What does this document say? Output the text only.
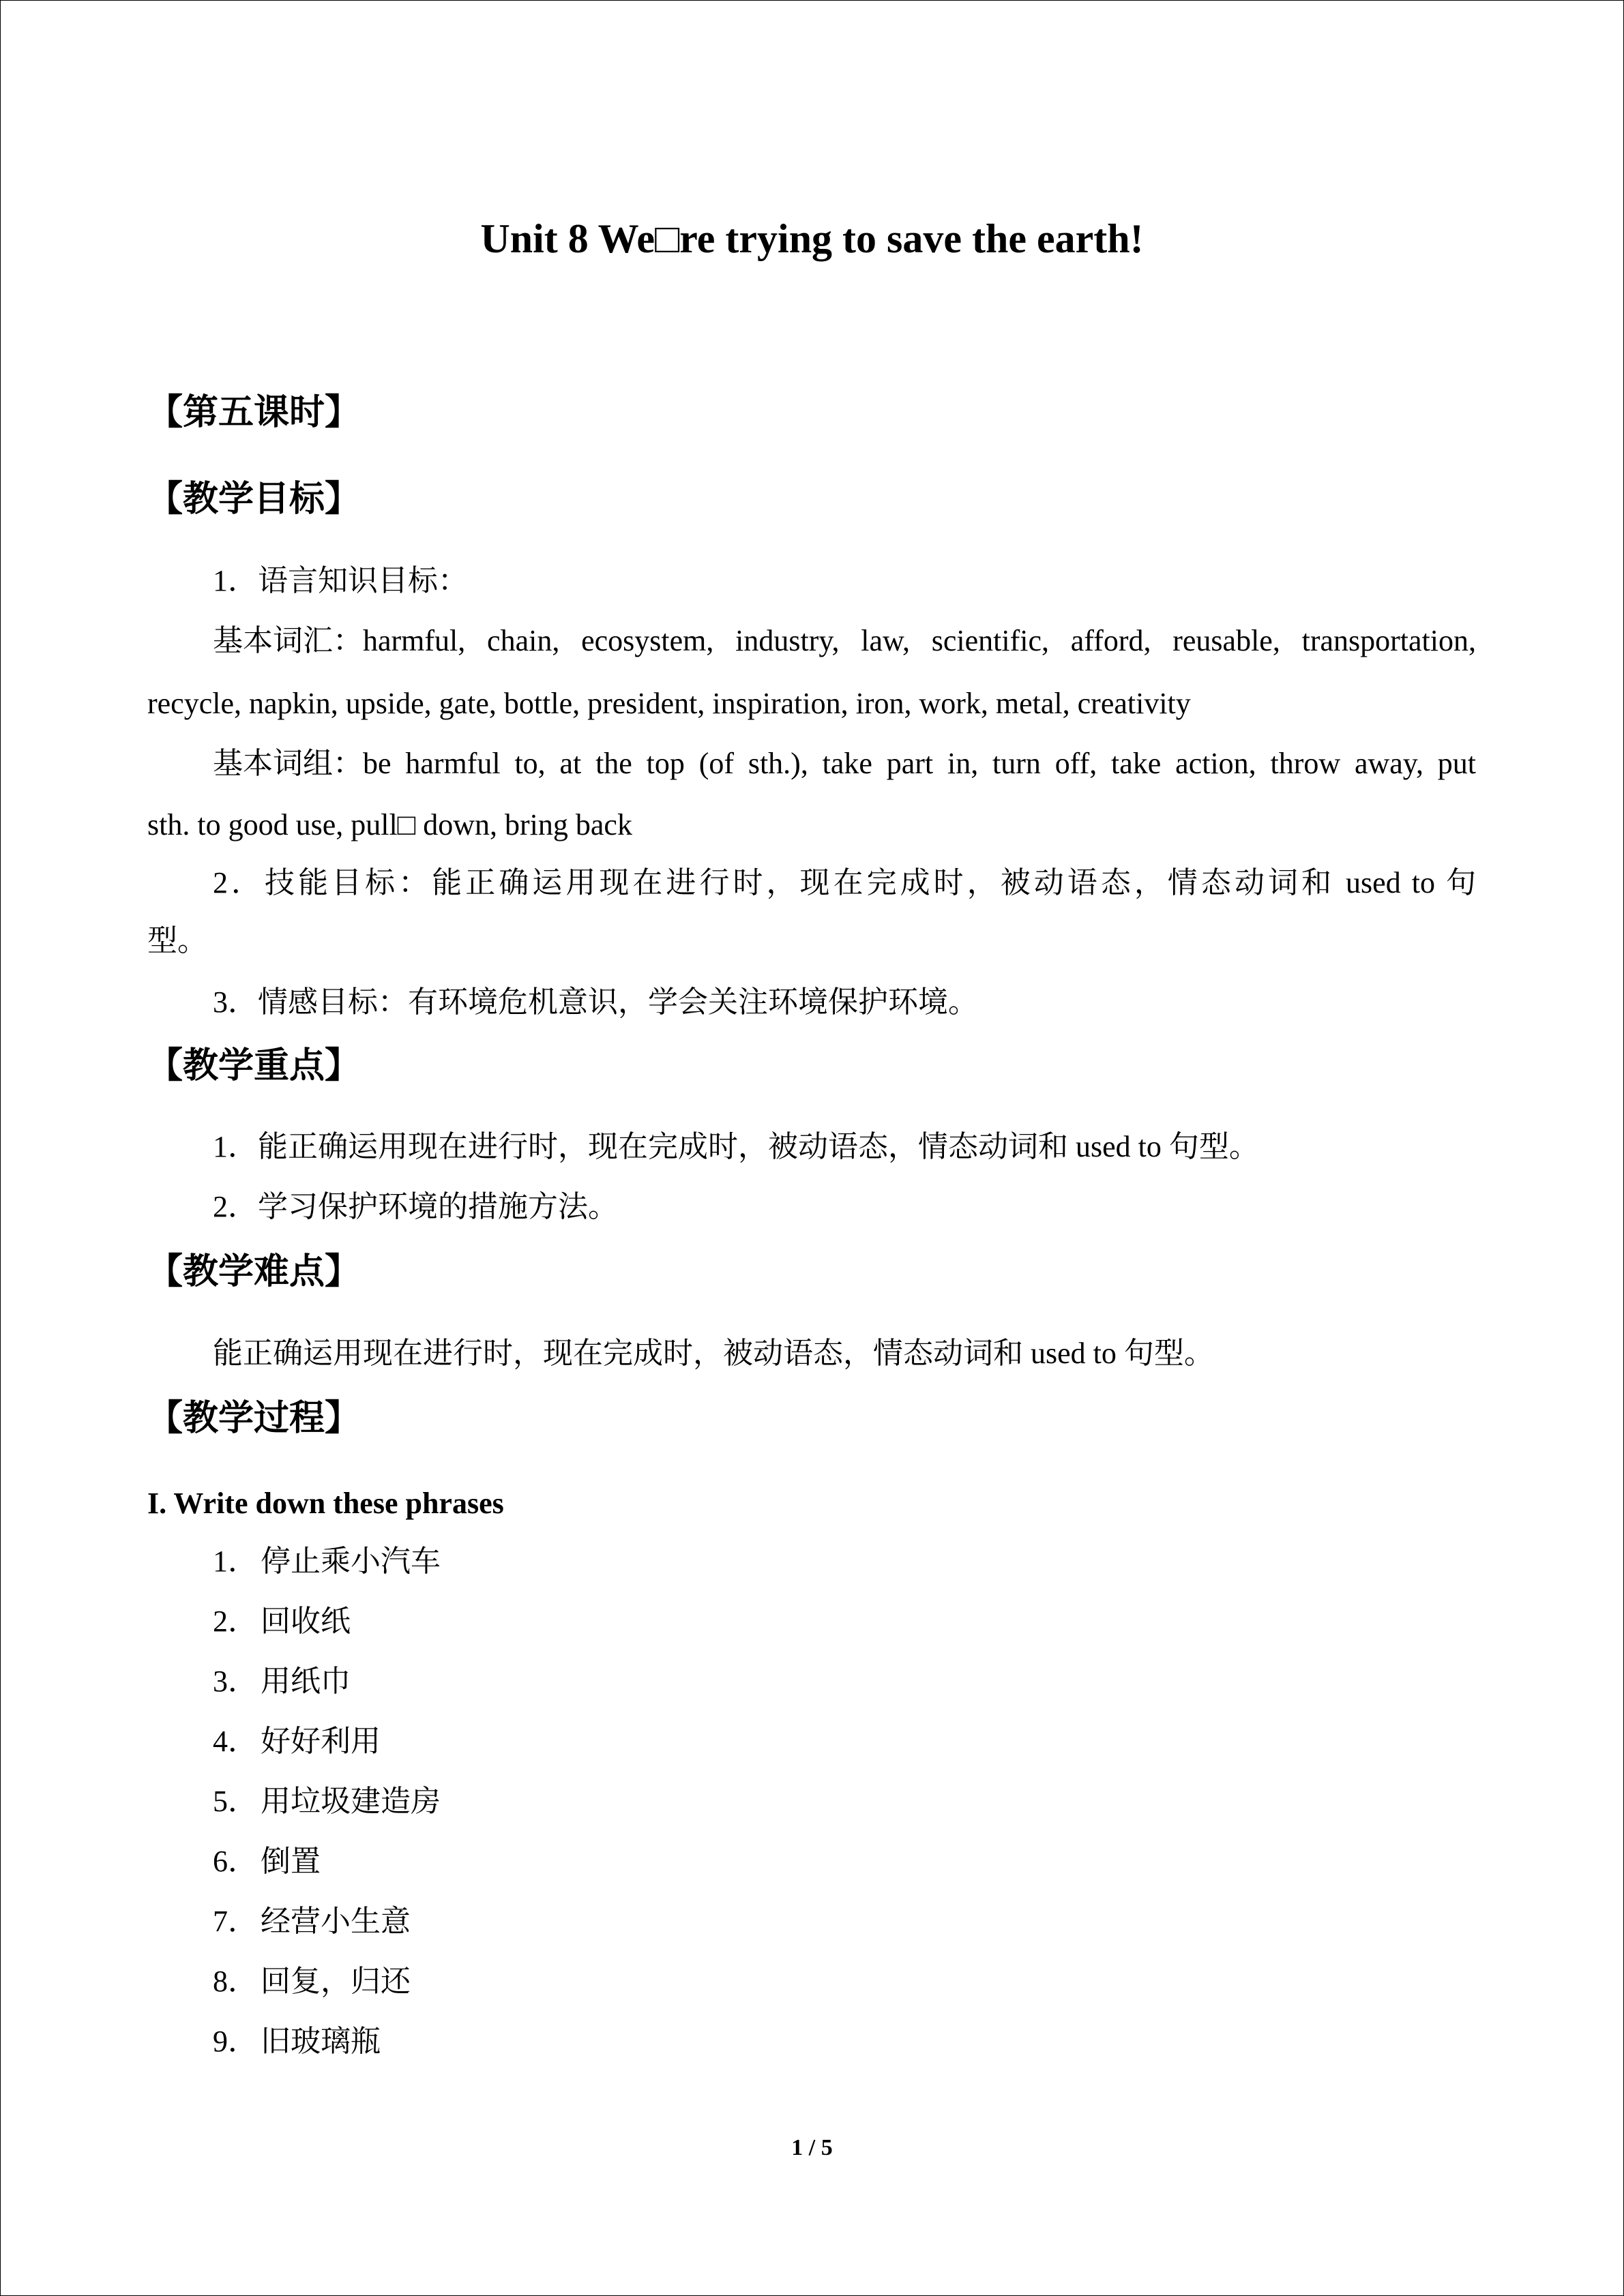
Unit 8 We□re trying to save the earth!
【第五课时】
【教学目标】
1．语言知识目标：
基本词汇： harmful, chain, ecosystem, industry, law, scientific, afford, reusable, transportation,
recycle, napkin, upside, gate, bottle, president, inspiration, iron, work, metal, creativity
基本词组： be harmful to, at the top (of sth.), take part in, turn off, take action, throw away, put
sth. to good use, pull□ down, bring back
2．技能目标：能正确运用现在进行时，现在完成时，被动语态，情态动词和 used to 句
型。
3．情感目标：有环境危机意识，学会关注环境保护环境。
【教学重点】
1．能正确运用现在进行时，现在完成时，被动语态，情态动词和 used to 句型。
2．学习保护环境的措施方法。
【教学难点】
能正确运用现在进行时，现在完成时，被动语态，情态动词和 used to 句型。
【教学过程】
I. Write down these phrases
1．停止乘小汽车
2．回收纸
3．用纸巾
4．好好利用
5．用垃圾建造房
6．倒置
7．经营小生意
8．回复，归还
9．旧玻璃瓶
1 / 5
